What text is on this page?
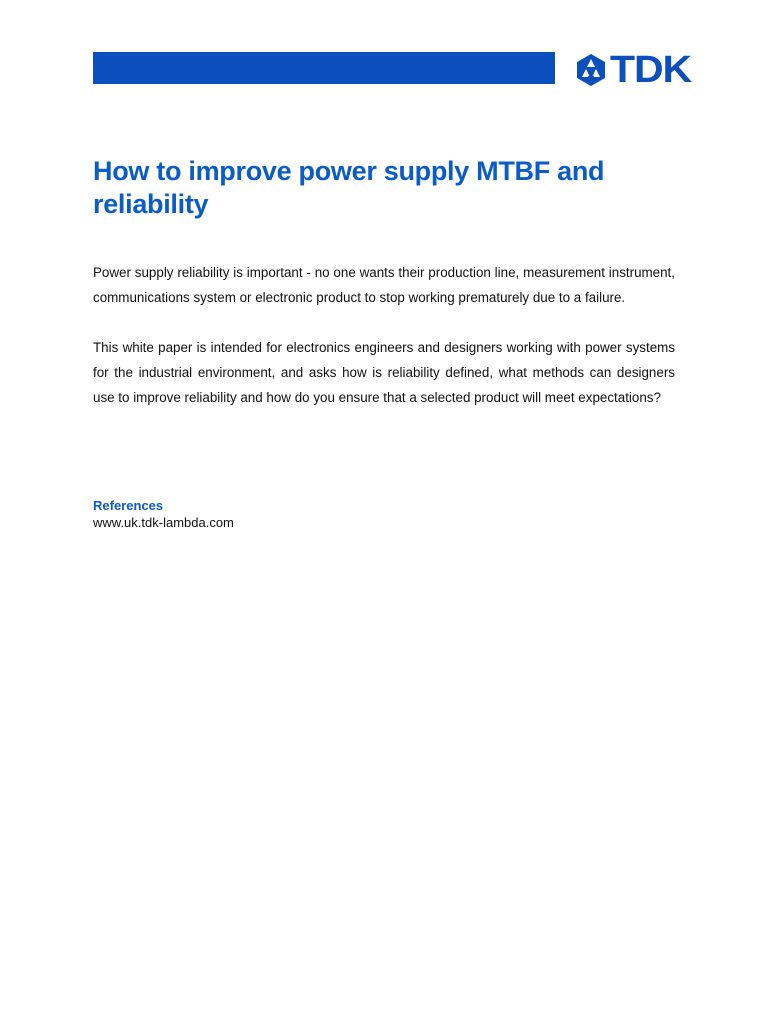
TDK
How to improve power supply MTBF and reliability

Power supply reliability is important - no one wants their production line, measurement instrument, communications system or electronic product to stop working prematurely due to a failure.

This white paper is intended for electronics engineers and designers working with power systems for the industrial environment, and asks how is reliability defined, what methods can designers use to improve reliability and how do you ensure that a selected product will meet expectations?

References
www.uk.tdk-lambda.com
